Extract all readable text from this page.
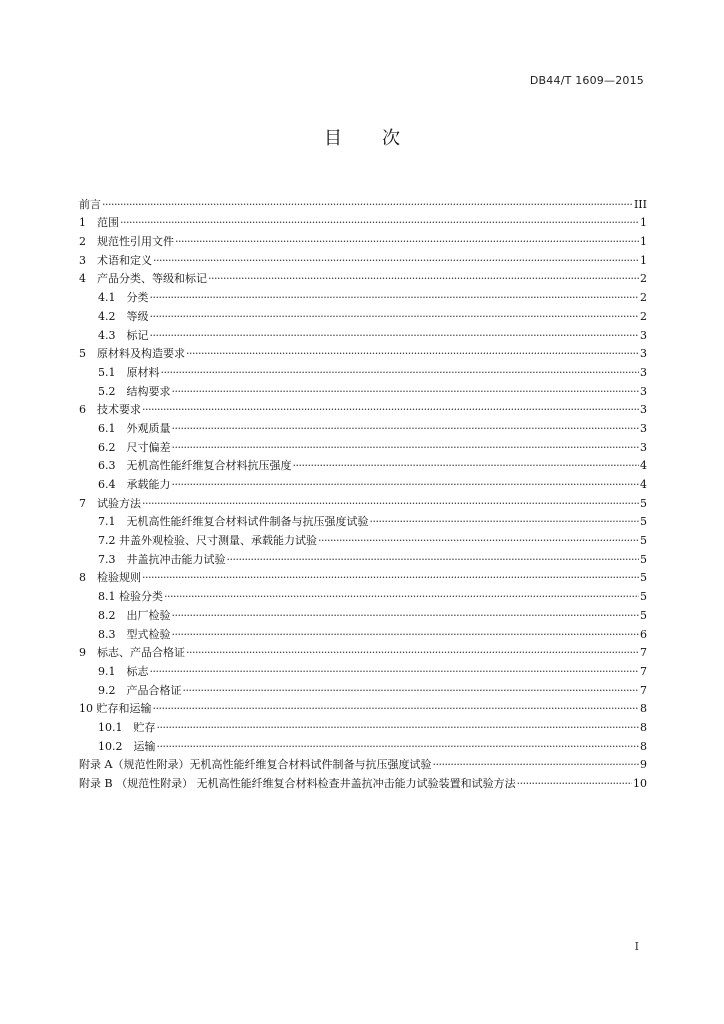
DB44/T 1609—2015
目次
前言 ·····	III
1　范围 ·····	1
2　规范性引用文件 ·····	1
3　术语和定义 ·····	1
4　产品分类、等级和标记 ·····	2
4.1　分类 ·····	2
4.2　等级 ·····	2
4.3　标记 ·····	3
5　原材料及构造要求 ·····	3
5.1　原材料 ·····	3
5.2　结构要求 ·····	3
6　技术要求 ·····	3
6.1　外观质量 ·····	3
6.2　尺寸偏差 ·····	3
6.3　无机高性能纤维复合材料抗压强度 ·····	4
6.4　承载能力 ·····	4
7　试验方法 ·····	5
7.1　无机高性能纤维复合材料试件制备与抗压强度试验 ·····	5
7.2 井盖外观检验、尺寸测量、承载能力试验 ·····	5
7.3　井盖抗冲击能力试验 ·····	5
8　检验规则 ·····	5
8.1 检验分类 ·····	5
8.2　出厂检验 ·····	5
8.3　型式检验 ·····	6
9　标志、产品合格证 ·····	7
9.1　标志 ·····	7
9.2　产品合格证 ·····	7
10 贮存和运输 ·····	8
10.1　贮存 ·····	8
10.2　运输 ·····	8
附录 A（规范性附录）无机高性能纤维复合材料试件制备与抗压强度试验 ·····	9
附录 B （规范性附录） 无机高性能纤维复合材料检查井盖抗冲击能力试验装置和试验方法 ·····	10
I
